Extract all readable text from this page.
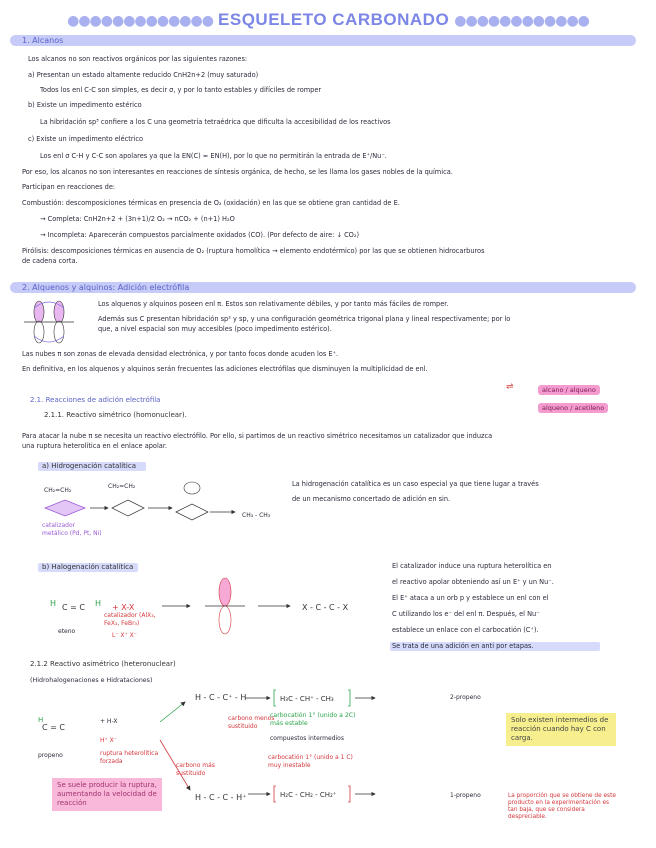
●●●●●●●●●●●●● ESQUELETO CARBONADO ●●●●●●●●●●●●
1. Alcanos
Los alcanos no son reactivos orgánicos por las siguientes razones:
a) Presentan un estado altamente reducido CnH2n+2 (muy saturado)
Todos los enl C-C son simples, es decir σ, y por lo tanto estables y difíciles de romper
b) Existe un impedimento estérico
La hibridación sp³ confiere a los C una geometría tetraédrica que dificulta la accesibilidad de los reactivos
c) Existe un impedimento eléctrico
Los enl σ C-H y C-C son apolares ya que la EN(C) ≈ EN(H), por lo que no permitirán la entrada de E⁺/Nu⁻.
Por eso, los alcanos no son interesantes en reacciones de síntesis orgánica, de hecho, se les llama los gases nobles de la química.
Participan en reacciones de:
Combustión: descomposiciones térmicas en presencia de O₂ (oxidación) en las que se obtiene gran cantidad de E.
→ Completa: CnH2n+2 + (3n+1)/2 O₂ → nCO₂ + (n+1) H₂O
→ Incompleta: Aparecerán compuestos parcialmente oxidados (CO). (Por defecto de aire: ↓ CO₂)
Pirólisis: descomposiciones térmicas en ausencia de O₂ (ruptura homolítica → elemento endotérmico) por las que se obtienen hidrocarburos
de cadena corta.
2. Alquenos y alquinos: Adición electrófila
Los alquenos y alquinos poseen enl π. Estos son relativamente débiles, y por tanto más fáciles de romper.
Además sus C presentan hibridación sp² y sp, y una configuración geométrica trigonal plana y lineal respectivamente; por lo
que, a nivel espacial son muy accesibles (poco impedimento estérico).
Las nubes π son zonas de elevada densidad electrónica, y por tanto focos donde acuden los E⁺.
En definitiva, en los alquenos y alquinos serán frecuentes las adiciones electrófilas que disminuyen la multiplicidad de enl.
⇌	alcano / alqueno
alqueno / acetileno
2.1. Reacciones de adición electrófila
2.1.1. Reactivo simétrico (homonuclear).
Para atacar la nube π se necesita un reactivo electrófilo. Por ello, si partimos de un reactivo simétrico necesitamos un catalizador que induzca
una ruptura heterolítica en el enlace apolar.
a) Hidrogenación catalítica
CH₂=CH₂
CH₂=CH₂
CH₃ - CH₃
catalizador metálico (Pd, Pt, Ni)
La hidrogenación catalítica es un caso especial ya que tiene lugar a través
de un mecanismo concertado de adición en sin.
b) Halogenación catalítica
H C = C H + X-X	X - C - C - X
eteno
catalizador (AlX₃, FeX₃, FeBr₃)
L⁻ X⁺ X⁻
El catalizador induce una ruptura heterolítica en
el reactivo apolar obteniendo así un E⁺ y un Nu⁻.
El E⁺ ataca a un orb p y establece un enl con el
C utilizando los e⁻ del enl π. Después, el Nu⁻
establece un enlace con el carbocatión (C⁺).
Se trata de una adición en anti por etapas.
2.1.2 Reactivo asimétrico (heteronuclear)
(Hidrohalogenaciones e Hidrataciones)
C = C
H
H - C - C⁺ - H	H₃C - CH⁺ - CH₃
H - C - C - H⁺	H₂C - CH₂ - CH₂⁺
propeno
+ H-X
H⁺ X⁻
ruptura heterolítica forzada
carbono menos sustituido
carbono más sustituido
carbocatión 1° (unido a 2C) más estable
compuestos intermedios
carbocatión 1° (unido a 1 C) muy inestable
2-propeno
1-propeno
Solo existen intermedios de reacción cuando hay C con carga.
Se suele producir la ruptura, aumentando la velocidad de reacción
La proporción que se obtiene de este producto en la experimentación es tan baja, que se considera despreciable.
